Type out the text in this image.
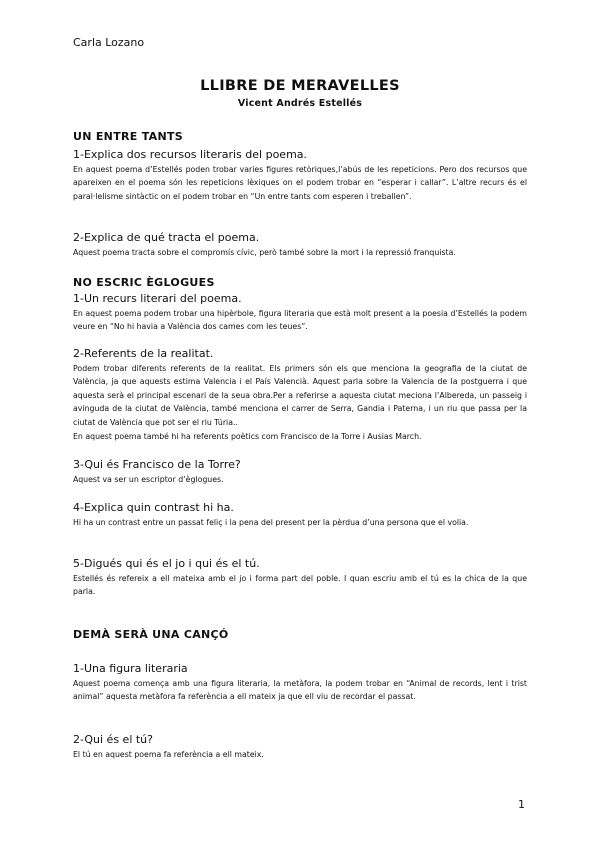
Carla Lozano
LLIBRE DE MERAVELLES
Vicent Andrés Estellés
UN ENTRE TANTS
1-Explica dos recursos literaris del poema.
En aquest poema d’Estellés poden trobar varies figures retòriques,l’abús de les repeticions. Pero dos recursos que apareixen en el poema són les repeticions lèxiques on el podem trobar en “esperar i callar”. L’altre recurs és el paral·lelisme sintàctic on el podem trobar en “Un entre tants com esperen i treballen”.
2-Explica de qué tracta el poema.
Aquest poema tracta sobre el compromís cívic, però també sobre la mort i la repressió franquista.
NO ESCRIC ÈGLOGUES
1-Un recurs literari del poema.
En aquest poema podem trobar una hipèrbole, figura literaria que està molt present a la poesia d’Estellés la podem veure en “No hi havia a València dos cames com les teues”.
2-Referents de la realitat.
Podem trobar diferents referents de la realitat. Els primers són els que menciona la geografia de la ciutat de València, ja que aquests estima Valencia i el País Valencià. Aquest parla sobre la Valencia de la postguerra i que aquesta serà el principal escenari de la seua obra.Per a referirse a aquesta ciutat meciona l’Albereda, un passeig i avinguda de la ciutat de València, també menciona el carrer de Serra, Gandia i Paterna, i un riu que passa per la ciutat de València que pot ser el riu Túria..
En aquest poema també hi ha referents poètics com Francisco de la Torre i Ausias March.
3-Qui és Francisco de la Torre?
Aquest va ser un escriptor d’èglogues.
4-Explica quin contrast hi ha.
Hi ha un contrast entre un passat feliç i la pena del present per la pèrdua d’una persona que el volia.
5-Digués qui és el jo i qui és el tú.
Estellés és refereix a ell mateixa amb el jo i forma part del poble. I quan escriu amb el tú es la chica de la que parla.
DEMÀ SERÀ UNA CANÇÓ
1-Una figura literaria
Aquest poema comença amb una figura literaria, la metàfora, la podem trobar en “Animal de records, lent i trist animal” aquesta metàfora fa referència a ell mateix ja que ell viu de recordar el passat.
2-Qui és el tú?
El tú en aquest poema fa referència a ell mateix.
1
